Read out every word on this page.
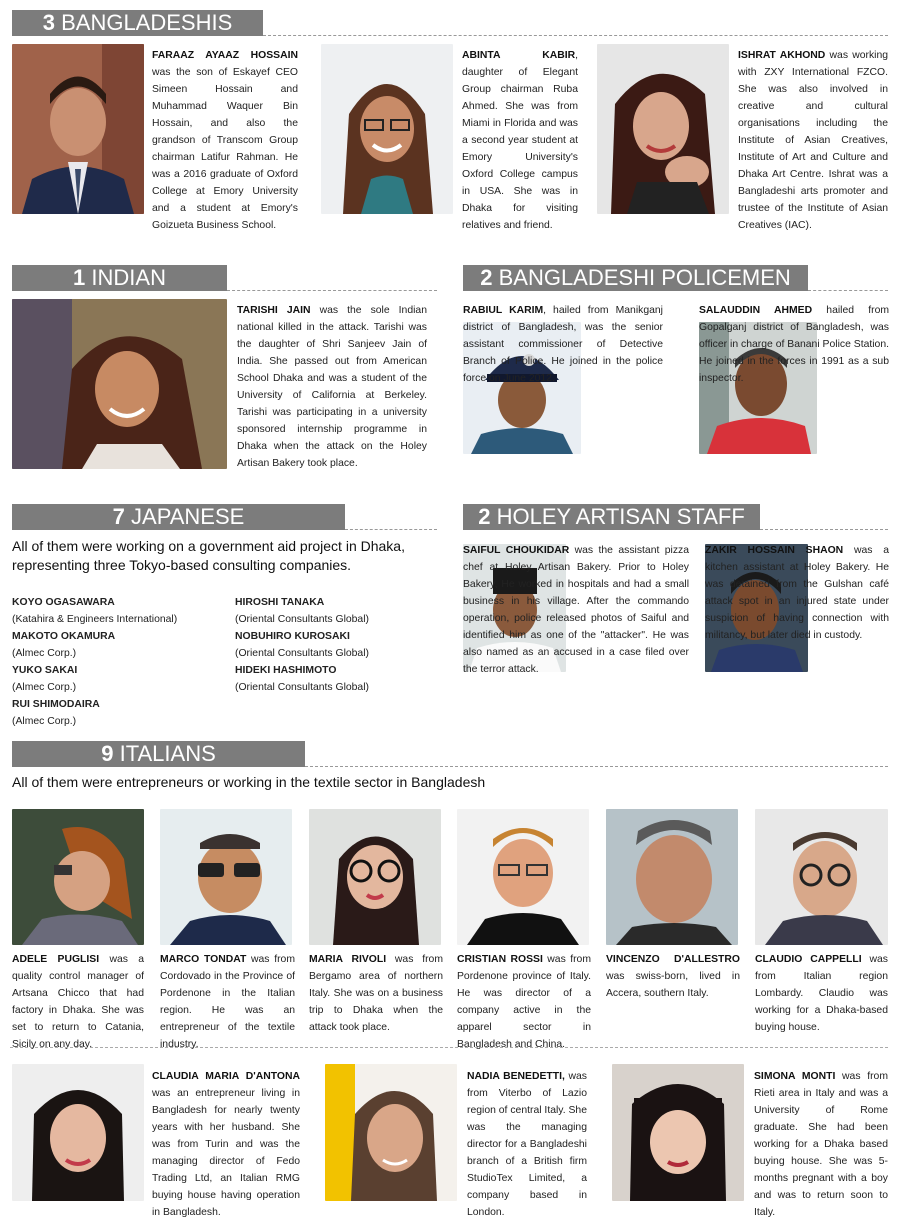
3 BANGLADESHIS
FARAAZ AYAAZ HOSSAIN was the son of Eskayef CEO Simeen Hossain and Muhammad Waquer Bin Hossain, and also the grandson of Transcom Group chairman Latifur Rahman. He was a 2016 graduate of Oxford College at Emory University and a student at Emory's Goizueta Business School.
ABINTA KABIR, daughter of Elegant Group chairman Ruba Ahmed. She was from Miami in Florida and was a second year student at Emory University's Oxford College campus in USA. She was in Dhaka for visiting relatives and friend.
ISHRAT AKHOND was working with ZXY International FZCO. She was also involved in creative and cultural organisations including the Institute of Asian Creatives, Institute of Art and Culture and Dhaka Art Centre. Ishrat was a Bangladeshi arts promoter and trustee of the Institute of Asian Creatives (IAC).
1 INDIAN
TARISHI JAIN was the sole Indian national killed in the attack. Tarishi was the daughter of Shri Sanjeev Jain of India. She passed out from American School Dhaka and was a student of the University of California at Berkeley. Tarishi was participating in a university sponsored internship programme in Dhaka when the attack on the Holey Artisan Bakery took place.
2 BANGLADESHI POLICEMEN
RABIUL KARIM, hailed from Manikganj district of Bangladesh, was the senior assistant commissioner of Detective Branch of Police. He joined in the police force on June 2012.
SALAUDDIN AHMED hailed from Gopalganj district of Bangladesh, was officer in charge of Banani Police Station. He joined in the forces in 1991 as a sub inspector.
7 JAPANESE
All of them were working on a government aid project in Dhaka, representing three Tokyo-based consulting companies.
KOYO OGASAWARA
(Katahira & Engineers International)
MAKOTO OKAMURA
(Almec Corp.)
YUKO SAKAI
(Almec Corp.)
RUI SHIMODAIRA
(Almec Corp.)
HIROSHI TANAKA
(Oriental Consultants Global)
NOBUHIRO KUROSAKI
(Oriental Consultants Global)
HIDEKI HASHIMOTO
(Oriental Consultants Global)
2 HOLEY ARTISAN STAFF
SAIFUL CHOUKIDAR was the assistant pizza chef at Holey Artisan Bakery. Prior to Holey Bakery, He worked in hospitals and had a small business in his village. After the commando operation, police released photos of Saiful and identified him as one of the "attacker". He was also named as an accused in a case filed over the terror attack.
ZAKIR HOSSAIN SHAON was a kitchen assistant at Holey Bakery. He was detained from the Gulshan café attack spot in an injured state under suspicion of having connection with militancy, but later died in custody.
9 ITALIANS
All of them were entrepreneurs or working in the textile sector in Bangladesh
ADELE PUGLISI was a quality control manager of Artsana Chicco that had factory in Dhaka. She was set to return to Catania, Sicily on any day.
MARCO TONDAT was from Cordovado in the Province of Pordenone in the Italian region. He was an entrepreneur of the textile industry.
MARIA RIVOLI was from Bergamo area of northern Italy. She was on a business trip to Dhaka when the attack took place.
CRISTIAN ROSSI was from Pordenone province of Italy. He was director of a company active in the apparel sector in Bangladesh and China.
VINCENZO D'ALLESTRO was swiss-born, lived in Accera, southern Italy.
CLAUDIO CAPPELLI was from Italian region Lombardy. Claudio was working for a Dhaka-based buying house.
CLAUDIA MARIA D'ANTONA was an entrepreneur living in Bangladesh for nearly twenty years with her husband. She was from Turin and was the managing director of Fedo Trading Ltd, an Italian RMG buying house having operation in Bangladesh.
NADIA BENEDETTI, was from Viterbo of Lazio region of central Italy. She was the managing director for a Bangladeshi branch of a British firm StudioTex Limited, a company based in London.
SIMONA MONTI was from Rieti area in Italy and was a University of Rome graduate. She had been working for a Dhaka based buying house. She was 5-months pregnant with a boy and was to return soon to Italy.
